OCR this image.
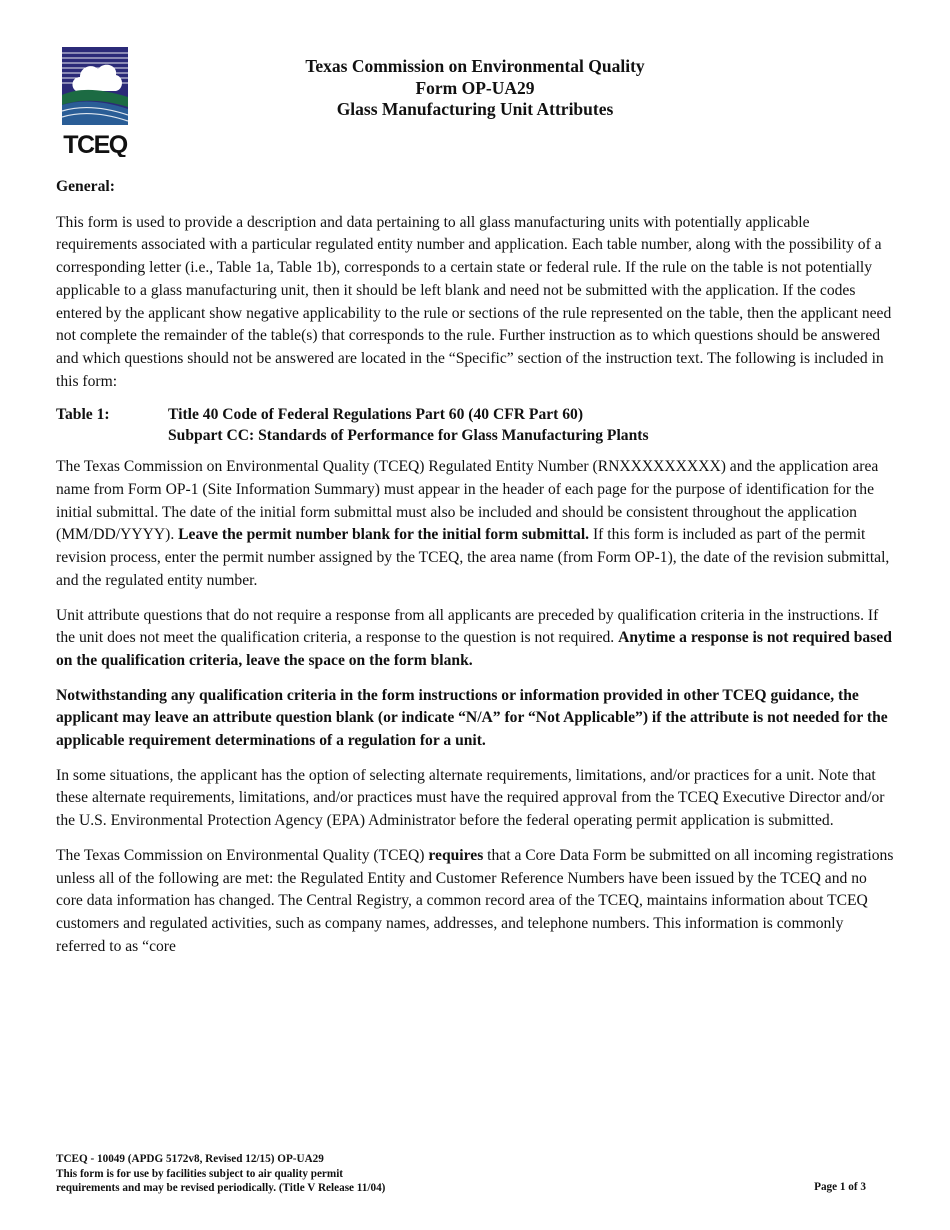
TCEQ
Texas Commission on Environmental Quality
Form OP-UA29
Glass Manufacturing Unit Attributes

General:

This form is used to provide a description and data pertaining to all glass manufacturing units with potentially applicable requirements associated with a particular regulated entity number and application. Each table number, along with the possibility of a corresponding letter (i.e., Table 1a, Table 1b), corresponds to a certain state or federal rule. If the rule on the table is not potentially applicable to a glass manufacturing unit, then it should be left blank and need not be submitted with the application. If the codes entered by the applicant show negative applicability to the rule or sections of the rule represented on the table, then the applicant need not complete the remainder of the table(s) that corresponds to the rule. Further instruction as to which questions should be answered and which questions should not be answered are located in the “Specific” section of the instruction text. The following is included in this form:

Table 1:	Title 40 Code of Federal Regulations Part 60 (40 CFR Part 60)
Subpart CC: Standards of Performance for Glass Manufacturing Plants

The Texas Commission on Environmental Quality (TCEQ) Regulated Entity Number (RNXXXXXXXXX) and the application area name from Form OP-1 (Site Information Summary) must appear in the header of each page for the purpose of identification for the initial submittal. The date of the initial form submittal must also be included and should be consistent throughout the application (MM/DD/YYYY). Leave the permit number blank for the initial form submittal. If this form is included as part of the permit revision process, enter the permit number assigned by the TCEQ, the area name (from Form OP-1), the date of the revision submittal, and the regulated entity number.

Unit attribute questions that do not require a response from all applicants are preceded by qualification criteria in the instructions. If the unit does not meet the qualification criteria, a response to the question is not required. Anytime a response is not required based on the qualification criteria, leave the space on the form blank.

Notwithstanding any qualification criteria in the form instructions or information provided in other TCEQ guidance, the applicant may leave an attribute question blank (or indicate “N/A” for “Not Applicable”) if the attribute is not needed for the applicable requirement determinations of a regulation for a unit.

In some situations, the applicant has the option of selecting alternate requirements, limitations, and/or practices for a unit. Note that these alternate requirements, limitations, and/or practices must have the required approval from the TCEQ Executive Director and/or the U.S. Environmental Protection Agency (EPA) Administrator before the federal operating permit application is submitted.

The Texas Commission on Environmental Quality (TCEQ) requires that a Core Data Form be submitted on all incoming registrations unless all of the following are met: the Regulated Entity and Customer Reference Numbers have been issued by the TCEQ and no core data information has changed. The Central Registry, a common record area of the TCEQ, maintains information about TCEQ customers and regulated activities, such as company names, addresses, and telephone numbers. This information is commonly referred to as “core

TCEQ - 10049 (APDG 5172v8, Revised 12/15) OP-UA29
This form is for use by facilities subject to air quality permit
requirements and may be revised periodically. (Title V Release 11/04)	Page 1 of 3
